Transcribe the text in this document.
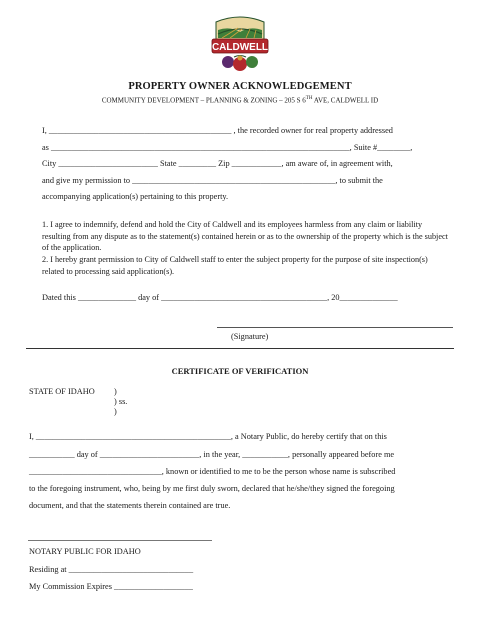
CALDWELL
PROPERTY OWNER ACKNOWLEDGEMENT
COMMUNITY DEVELOPMENT – PLANNING & ZONING – 205 S 6TH AVE, CALDWELL ID
I, ____________________________________________ , the recorded owner for real property addressed
as ________________________________________________________________________, Suite #________,
City ________________________ State _________ Zip ____________, am aware of, in agreement with,
and give my permission to _________________________________________________, to submit the
accompanying application(s) pertaining to this property.
1. I agree to indemnify, defend and hold the City of Caldwell and its employees harmless from any claim or liability resulting from any dispute as to the statement(s) contained herein or as to the ownership of the property which is the subject of the application.
2. I hereby grant permission to City of Caldwell staff to enter the subject property for the purpose of site inspection(s) related to processing said application(s).
Dated this ______________ day of ________________________________________, 20______________
(Signature)
CERTIFICATE OF VERIFICATION
STATE OF IDAHO )
) ss.
)
I, _______________________________________________, a Notary Public, do hereby certify that on this
___________ day of ________________________, in the year, ___________, personally appeared before me
________________________________, known or identified to me to be the person whose name is subscribed
to the foregoing instrument, who, being by me first duly sworn, declared that he/she/they signed the foregoing
document, and that the statements therein contained are true.
NOTARY PUBLIC FOR IDAHO
Residing at ______________________________
My Commission Expires ___________________
